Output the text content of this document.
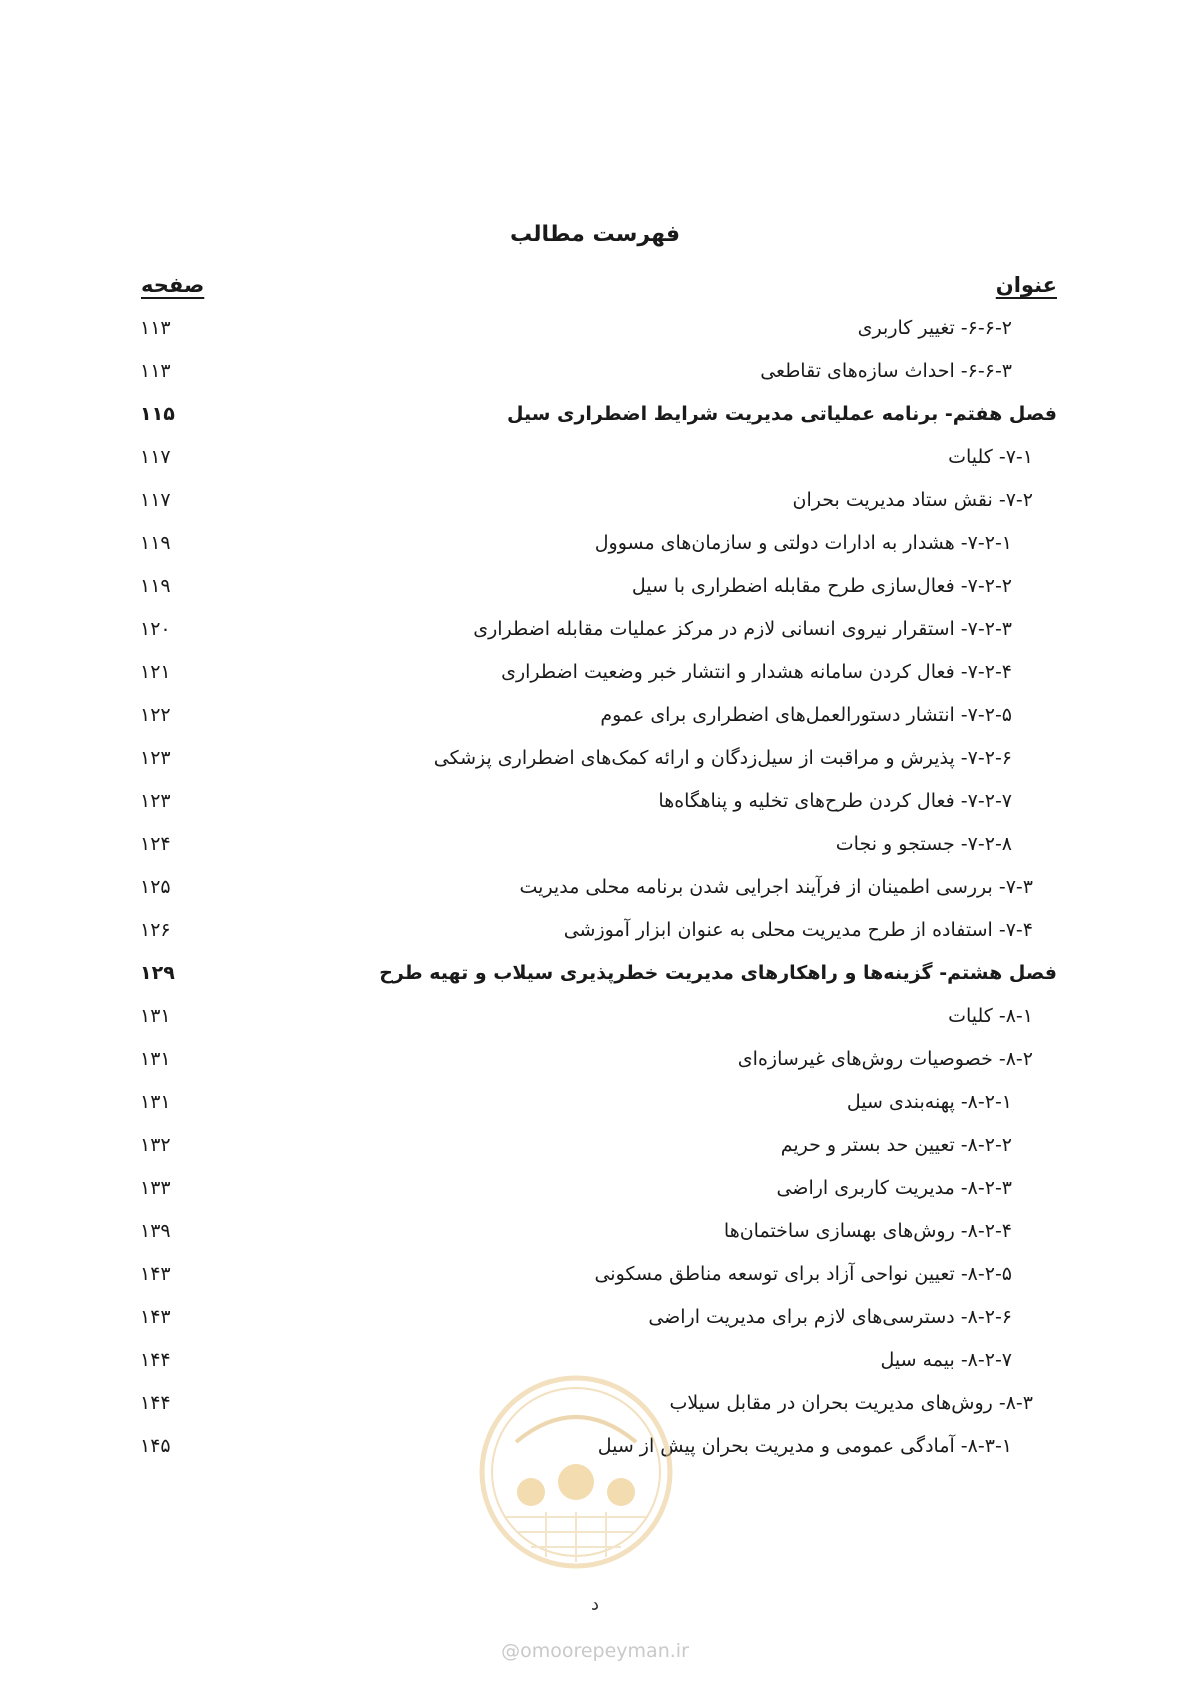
فهرست مطالب
عنوان
صفحه
۶-۶-۲- تغییر کاربری
۱۱۳
۶-۶-۳- احداث سازه‌های تقاطعی
۱۱۳
فصل هفتم- برنامه عملیاتی مدیریت شرایط اضطراری سیل
۱۱۵
۷-۱- کلیات
۱۱۷
۷-۲- نقش ستاد مدیریت بحران
۱۱۷
۷-۲-۱- هشدار به ادارات دولتی و سازمان‌های مسوول
۱۱۹
۷-۲-۲- فعال‌سازی طرح مقابله اضطراری با سیل
۱۱۹
۷-۲-۳- استقرار نیروی انسانی لازم در مرکز عملیات مقابله اضطراری
۱۲۰
۷-۲-۴- فعال کردن سامانه هشدار و انتشار خبر وضعیت اضطراری
۱۲۱
۷-۲-۵- انتشار دستورالعمل‌های اضطراری برای عموم
۱۲۲
۷-۲-۶- پذیرش و مراقبت از سیل‌زدگان و ارائه کمک‌های اضطراری پزشکی
۱۲۳
۷-۲-۷- فعال کردن طرح‌های تخلیه و پناهگاه‌ها
۱۲۳
۷-۲-۸- جستجو و نجات
۱۲۴
۷-۳- بررسی اطمینان از فرآیند اجرایی شدن برنامه محلی مدیریت
۱۲۵
۷-۴- استفاده از طرح مدیریت محلی به عنوان ابزار آموزشی
۱۲۶
فصل هشتم- گزینه‌ها و راهکارهای مدیریت خطرپذیری سیلاب و تهیه طرح
۱۲۹
۸-۱- کلیات
۱۳۱
۸-۲- خصوصیات روش‌های غیرسازه‌ای
۱۳۱
۸-۲-۱- پهنه‌بندی سیل
۱۳۱
۸-۲-۲- تعیین حد بستر و حریم
۱۳۲
۸-۲-۳- مدیریت کاربری اراضی
۱۳۳
۸-۲-۴- روش‌های بهسازی ساختمان‌ها
۱۳۹
۸-۲-۵- تعیین نواحی آزاد برای توسعه مناطق مسکونی
۱۴۳
۸-۲-۶- دسترسی‌های لازم برای مدیریت اراضی
۱۴۳
۸-۲-۷- بیمه سیل
۱۴۴
۸-۳- روش‌های مدیریت بحران در مقابل سیلاب
۱۴۴
۸-۳-۱- آمادگی عمومی و مدیریت بحران پیش از سیل
۱۴۵
د
@omoorepeyman.ir
